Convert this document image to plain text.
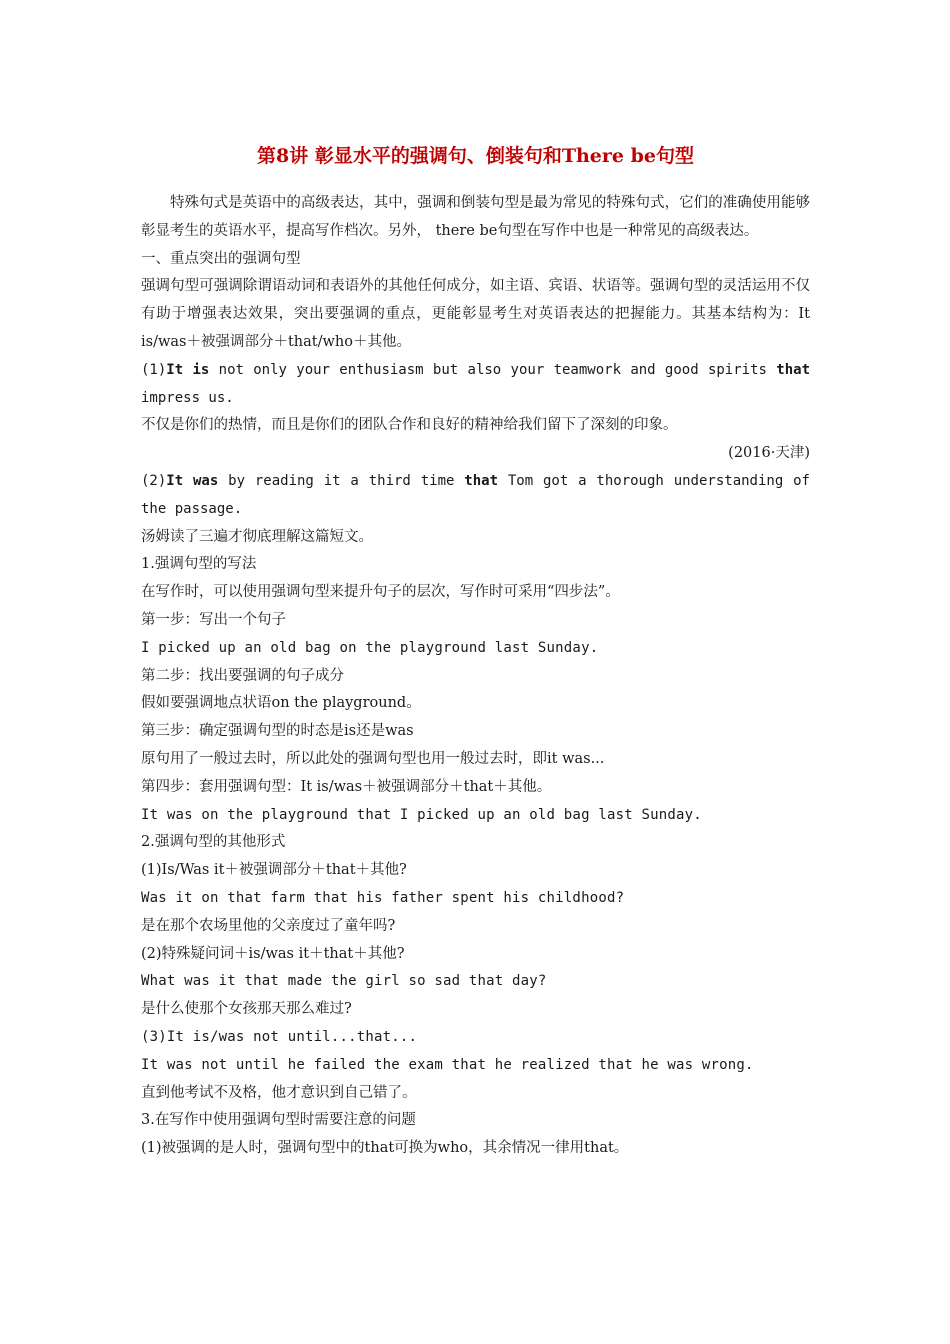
第8讲 彰显水平的强调句、倒装句和There be句型

特殊句式是英语中的高级表达，其中，强调和倒装句型是最为常见的特殊句式，它们的准确使用能够彰显考生的英语水平，提高写作档次。另外， there be句型在写作中也是一种常见的高级表达。

一、重点突出的强调句型

强调句型可强调除谓语动词和表语外的其他任何成分，如主语、宾语、状语等。强调句型的灵活运用不仅有助于增强表达效果，突出要强调的重点，更能彰显考生对英语表达的把握能力。其基本结构为：It is/was＋被强调部分＋that/who＋其他。

(1)It is not only your enthusiasm but also your teamwork and good spirits that impress us.

不仅是你们的热情，而且是你们的团队合作和良好的精神给我们留下了深刻的印象。

(2016·天津)

(2)It was by reading it a third time that Tom got a thorough understanding of the passage.

汤姆读了三遍才彻底理解这篇短文。

1.强调句型的写法

在写作时，可以使用强调句型来提升句子的层次，写作时可采用“四步法”。

第一步：写出一个句子

I picked up an old bag on the playground last Sunday.

第二步：找出要强调的句子成分

假如要强调地点状语on the playground。

第三步：确定强调句型的时态是is还是was

原句用了一般过去时，所以此处的强调句型也用一般过去时，即it was...

第四步：套用强调句型：It is/was＋被强调部分＋that＋其他。

It was on the playground that I picked up an old bag last Sunday.

2.强调句型的其他形式

(1)Is/Was it＋被强调部分＋that＋其他?

Was it on that farm that his father spent his childhood?

是在那个农场里他的父亲度过了童年吗?

(2)特殊疑问词＋is/was it＋that＋其他?

What was it that made the girl so sad that day?

是什么使那个女孩那天那么难过?

(3)It is/was not until...that...

It was not until he failed the exam that he realized that he was wrong.

直到他考试不及格，他才意识到自己错了。

3.在写作中使用强调句型时需要注意的问题

(1)被强调的是人时，强调句型中的that可换为who，其余情况一律用that。
